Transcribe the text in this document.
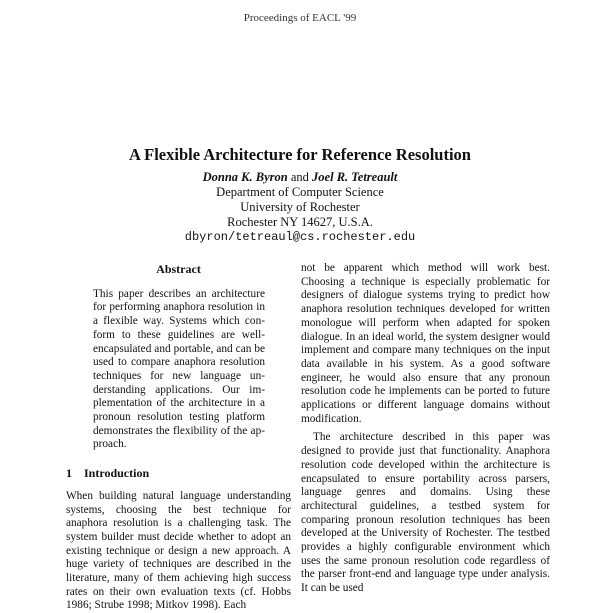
Proceedings of EACL '99
A Flexible Architecture for Reference Resolution
Donna K. Byron and Joel R. Tetreault
Department of Computer Science
University of Rochester
Rochester NY 14627, U.S.A.
dbyron/tetreaul@cs.rochester.edu
Abstract

This paper describes an architecture for performing anaphora resolution in a flexible way. Systems which conform to these guidelines are well-encapsulated and portable, and can be used to compare anaphora resolution techniques for new language understanding applications. Our implementation of the architecture in a pronoun resolution testing platform demonstrates the flexibility of the approach.

1 Introduction

When building natural language understanding systems, choosing the best technique for anaphora resolution is a challenging task. The system builder must decide whether to adopt an existing technique or design a new approach. A huge variety of techniques are described in the literature, many of them achieving high success rates on their own evaluation texts (cf. Hobbs 1986; Strube 1998; Mitkov 1998). Each

not be apparent which method will work best. Choosing a technique is especially problematic for designers of dialogue systems trying to predict how anaphora resolution techniques developed for written monologue will perform when adapted for spoken dialogue. In an ideal world, the system designer would implement and compare many techniques on the input data available in his system. As a good software engineer, he would also ensure that any pronoun resolution code he implements can be ported to future applications or different language domains without modification.

The architecture described in this paper was designed to provide just that functionality. Anaphora resolution code developed within the architecture is encapsulated to ensure portability across parsers, language genres and domains. Using these architectural guidelines, a testbed system for comparing pronoun resolution techniques has been developed at the University of Rochester. The testbed provides a highly configurable environment which uses the same pronoun resolution code regardless of the parser front-end and language type under analysis. It can be used
